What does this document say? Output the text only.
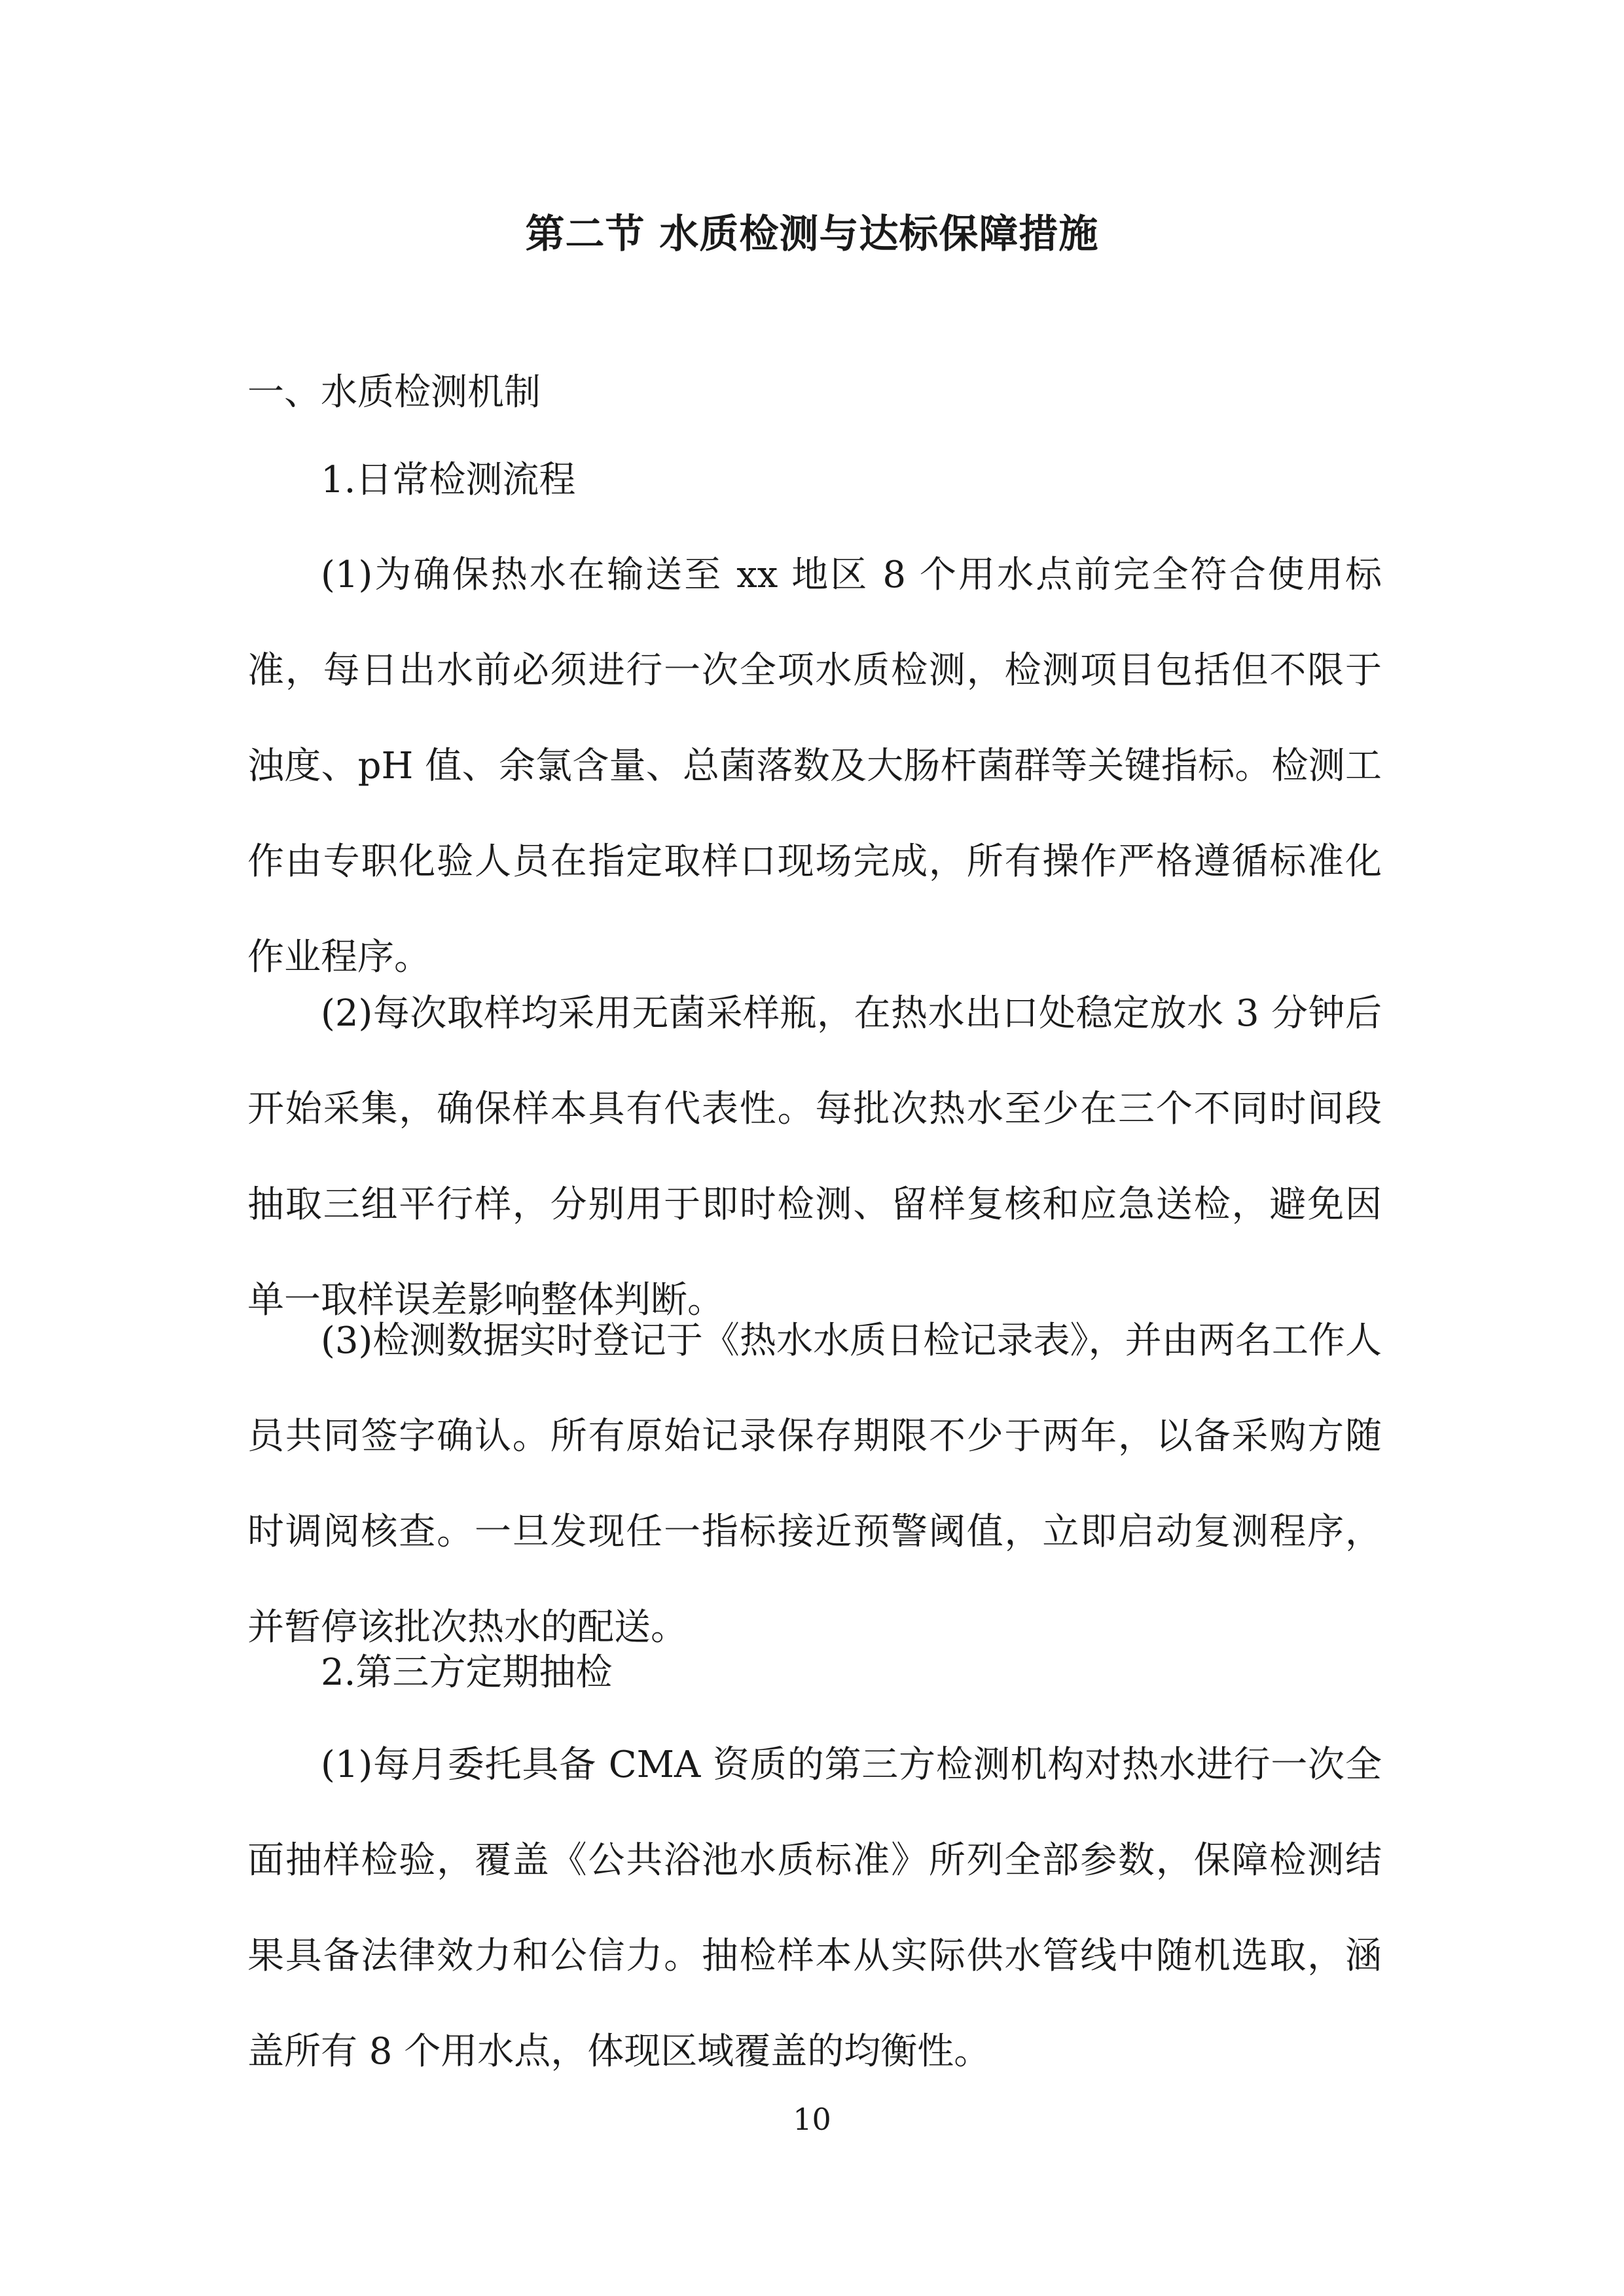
第二节 水质检测与达标保障措施

一、水质检测机制

1.日常检测流程

(1)为确保热水在输送至 xx 地区 8 个用水点前完全符合使用标准，每日出水前必须进行一次全项水质检测，检测项目包括但不限于浊度、pH 值、余氯含量、总菌落数及大肠杆菌群等关键指标。检测工作由专职化验人员在指定取样口现场完成，所有操作严格遵循标准化作业程序。

(2)每次取样均采用无菌采样瓶，在热水出口处稳定放水 3 分钟后开始采集，确保样本具有代表性。每批次热水至少在三个不同时间段抽取三组平行样，分别用于即时检测、留样复核和应急送检，避免因单一取样误差影响整体判断。

(3)检测数据实时登记于《热水水质日检记录表》，并由两名工作人员共同签字确认。所有原始记录保存期限不少于两年，以备采购方随时调阅核查。一旦发现任一指标接近预警阈值，立即启动复测程序，并暂停该批次热水的配送。

2.第三方定期抽检

(1)每月委托具备 CMA 资质的第三方检测机构对热水进行一次全面抽样检验，覆盖《公共浴池水质标准》所列全部参数，保障检测结果具备法律效力和公信力。抽检样本从实际供水管线中随机选取，涵盖所有 8 个用水点，体现区域覆盖的均衡性。

10
